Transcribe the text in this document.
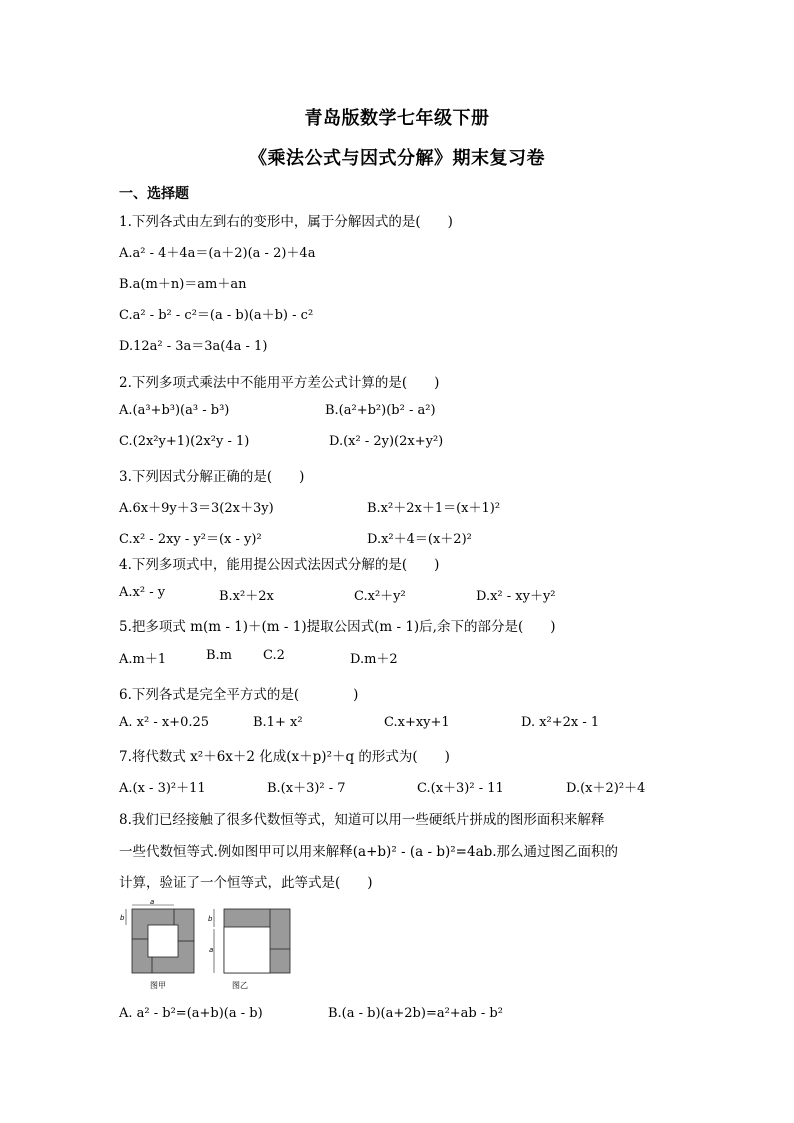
青岛版数学七年级下册
《乘法公式与因式分解》期末复习卷
一、选择题
1.下列各式由左到右的变形中，属于分解因式的是(　　)
A.a² - 4＋4a＝(a＋2)(a - 2)＋4a
B.a(m＋n)＝am＋an
C.a² - b² - c²＝(a - b)(a＋b) - c²
D.12a² - 3a＝3a(4a - 1)
2.下列多项式乘法中不能用平方差公式计算的是(　　)
A.(a³+b³)(a³ - b³)	B.(a²+b²)(b² - a²)
C.(2x²y+1)(2x²y - 1)	D.(x² - 2y)(2x+y²)
3.下列因式分解正确的是(　　)
A.6x＋9y＋3＝3(2x＋3y)	B.x²＋2x＋1＝(x＋1)²
C.x² - 2xy - y²＝(x - y)²	D.x²＋4＝(x＋2)²
4.下列多项式中，能用提公因式法因式分解的是(　　)
A.x² - y	B.x²＋2x	C.x²＋y²	D.x² - xy＋y²
5.把多项式 m(m - 1)＋(m - 1)提取公因式(m - 1)后,余下的部分是(　　)
A.m＋1	B.m C.2	D.m＋2
6.下列各式是完全平方式的是(　　　　)
A. x² - x+0.25	B.1+ x²	C.x+xy+1	D. x²+2x - 1
7.将代数式 x²＋6x＋2 化成(x＋p)²＋q 的形式为(　　)
A.(x - 3)²＋11	B.(x＋3)² - 7	C.(x＋3)² - 11	D.(x＋2)²＋4
8.我们已经接触了很多代数恒等式，知道可以用一些硬纸片拼成的图形面积来解释
一些代数恒等式.例如图甲可以用来解释(a+b)² - (a - b)²=4ab.那么通过图乙面积的
计算，验证了一个恒等式，此等式是(　　)
a
b
图甲
b
a
图乙
A. a² - b²=(a+b)(a - b)	B.(a - b)(a+2b)=a²+ab - b²
